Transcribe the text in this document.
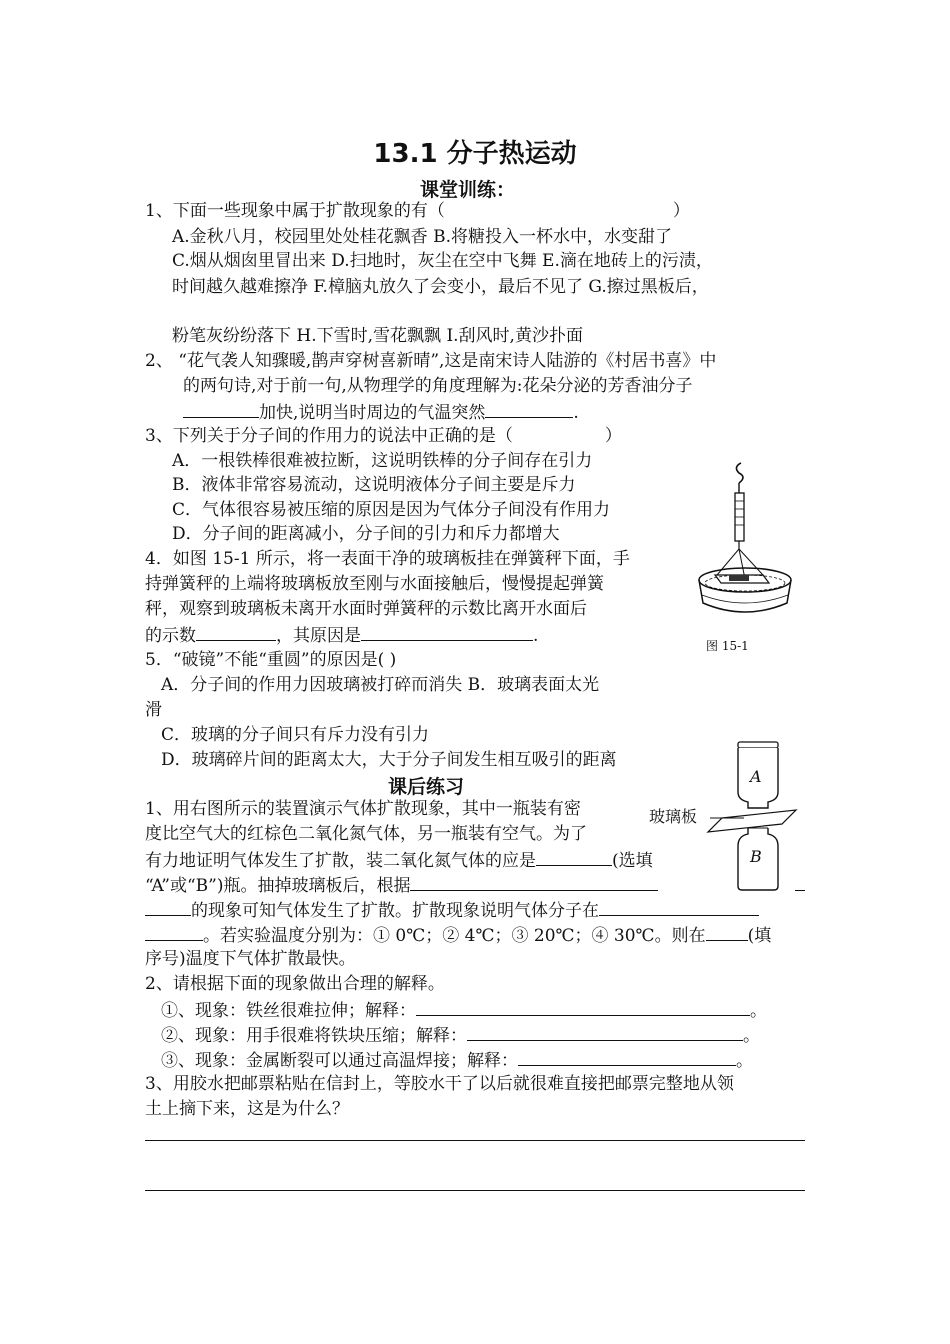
13.1 分子热运动
课堂训练：
1、下面一些现象中属于扩散现象的有（	）
A.金秋八月，校园里处处桂花飘香 B.将糖投入一杯水中，水变甜了
C.烟从烟囱里冒出来 D.扫地时，灰尘在空中飞舞 E.滴在地砖上的污渍，
时间越久越难擦净 F.樟脑丸放久了会变小，最后不见了 G.擦过黑板后，
粉笔灰纷纷落下 H.下雪时,雪花飘飘 I.刮风时,黄沙扑面
2、 “花气袭人知骤暖,鹊声穿树喜新晴”,这是南宋诗人陆游的《村居书喜》中
的两句诗,对于前一句,从物理学的角度理解为:花朵分泌的芳香油分子
加快,说明当时周边的气温突然	.
3、下列关于分子间的作用力的说法中正确的是（	）
A．一根铁棒很难被拉断，这说明铁棒的分子间存在引力
B．液体非常容易流动，这说明液体分子间主要是斥力
C．气体很容易被压缩的原因是因为气体分子间没有作用力
D．分子间的距离减小，分子间的引力和斥力都增大
图 15-1
4．如图 15-1 所示，将一表面干净的玻璃板挂在弹簧秤下面，手
持弹簧秤的上端将玻璃板放至刚与水面接触后，慢慢提起弹簧
秤，观察到玻璃板未离开水面时弹簧秤的示数比离开水面后
的示数	，其原因是	.
5．“破镜”不能“重圆”的原因是( )
A．分子间的作用力因玻璃被打碎而消失 B．玻璃表面太光
滑
C．玻璃的分子间只有斥力没有引力
D．玻璃碎片间的距离太大，大于分子间发生相互吸引的距离
课后练习	A
B
玻璃板
1、用右图所示的装置演示气体扩散现象，其中一瓶装有密
度比空气大的红棕色二氧化氮气体，另一瓶装有空气。为了
有力地证明气体发生了扩散，装二氧化氮气体的应是	(选填
“A”或“B”)瓶。抽掉玻璃板后，根据
的现象可知气体发生了扩散。扩散现象说明气体分子在
。若实验温度分别为：① 0℃；② 4℃；③ 20℃；④ 30℃。则在 (填
序号)温度下气体扩散最快。
2、请根据下面的现象做出合理的解释。
①、现象：铁丝很难拉伸；解释：	。
②、现象：用手很难将铁块压缩；解释：	。
③、现象：金属断裂可以通过高温焊接；解释：	。
3、用胶水把邮票粘贴在信封上，等胶水干了以后就很难直接把邮票完整地从领
土上摘下来，这是为什么？
